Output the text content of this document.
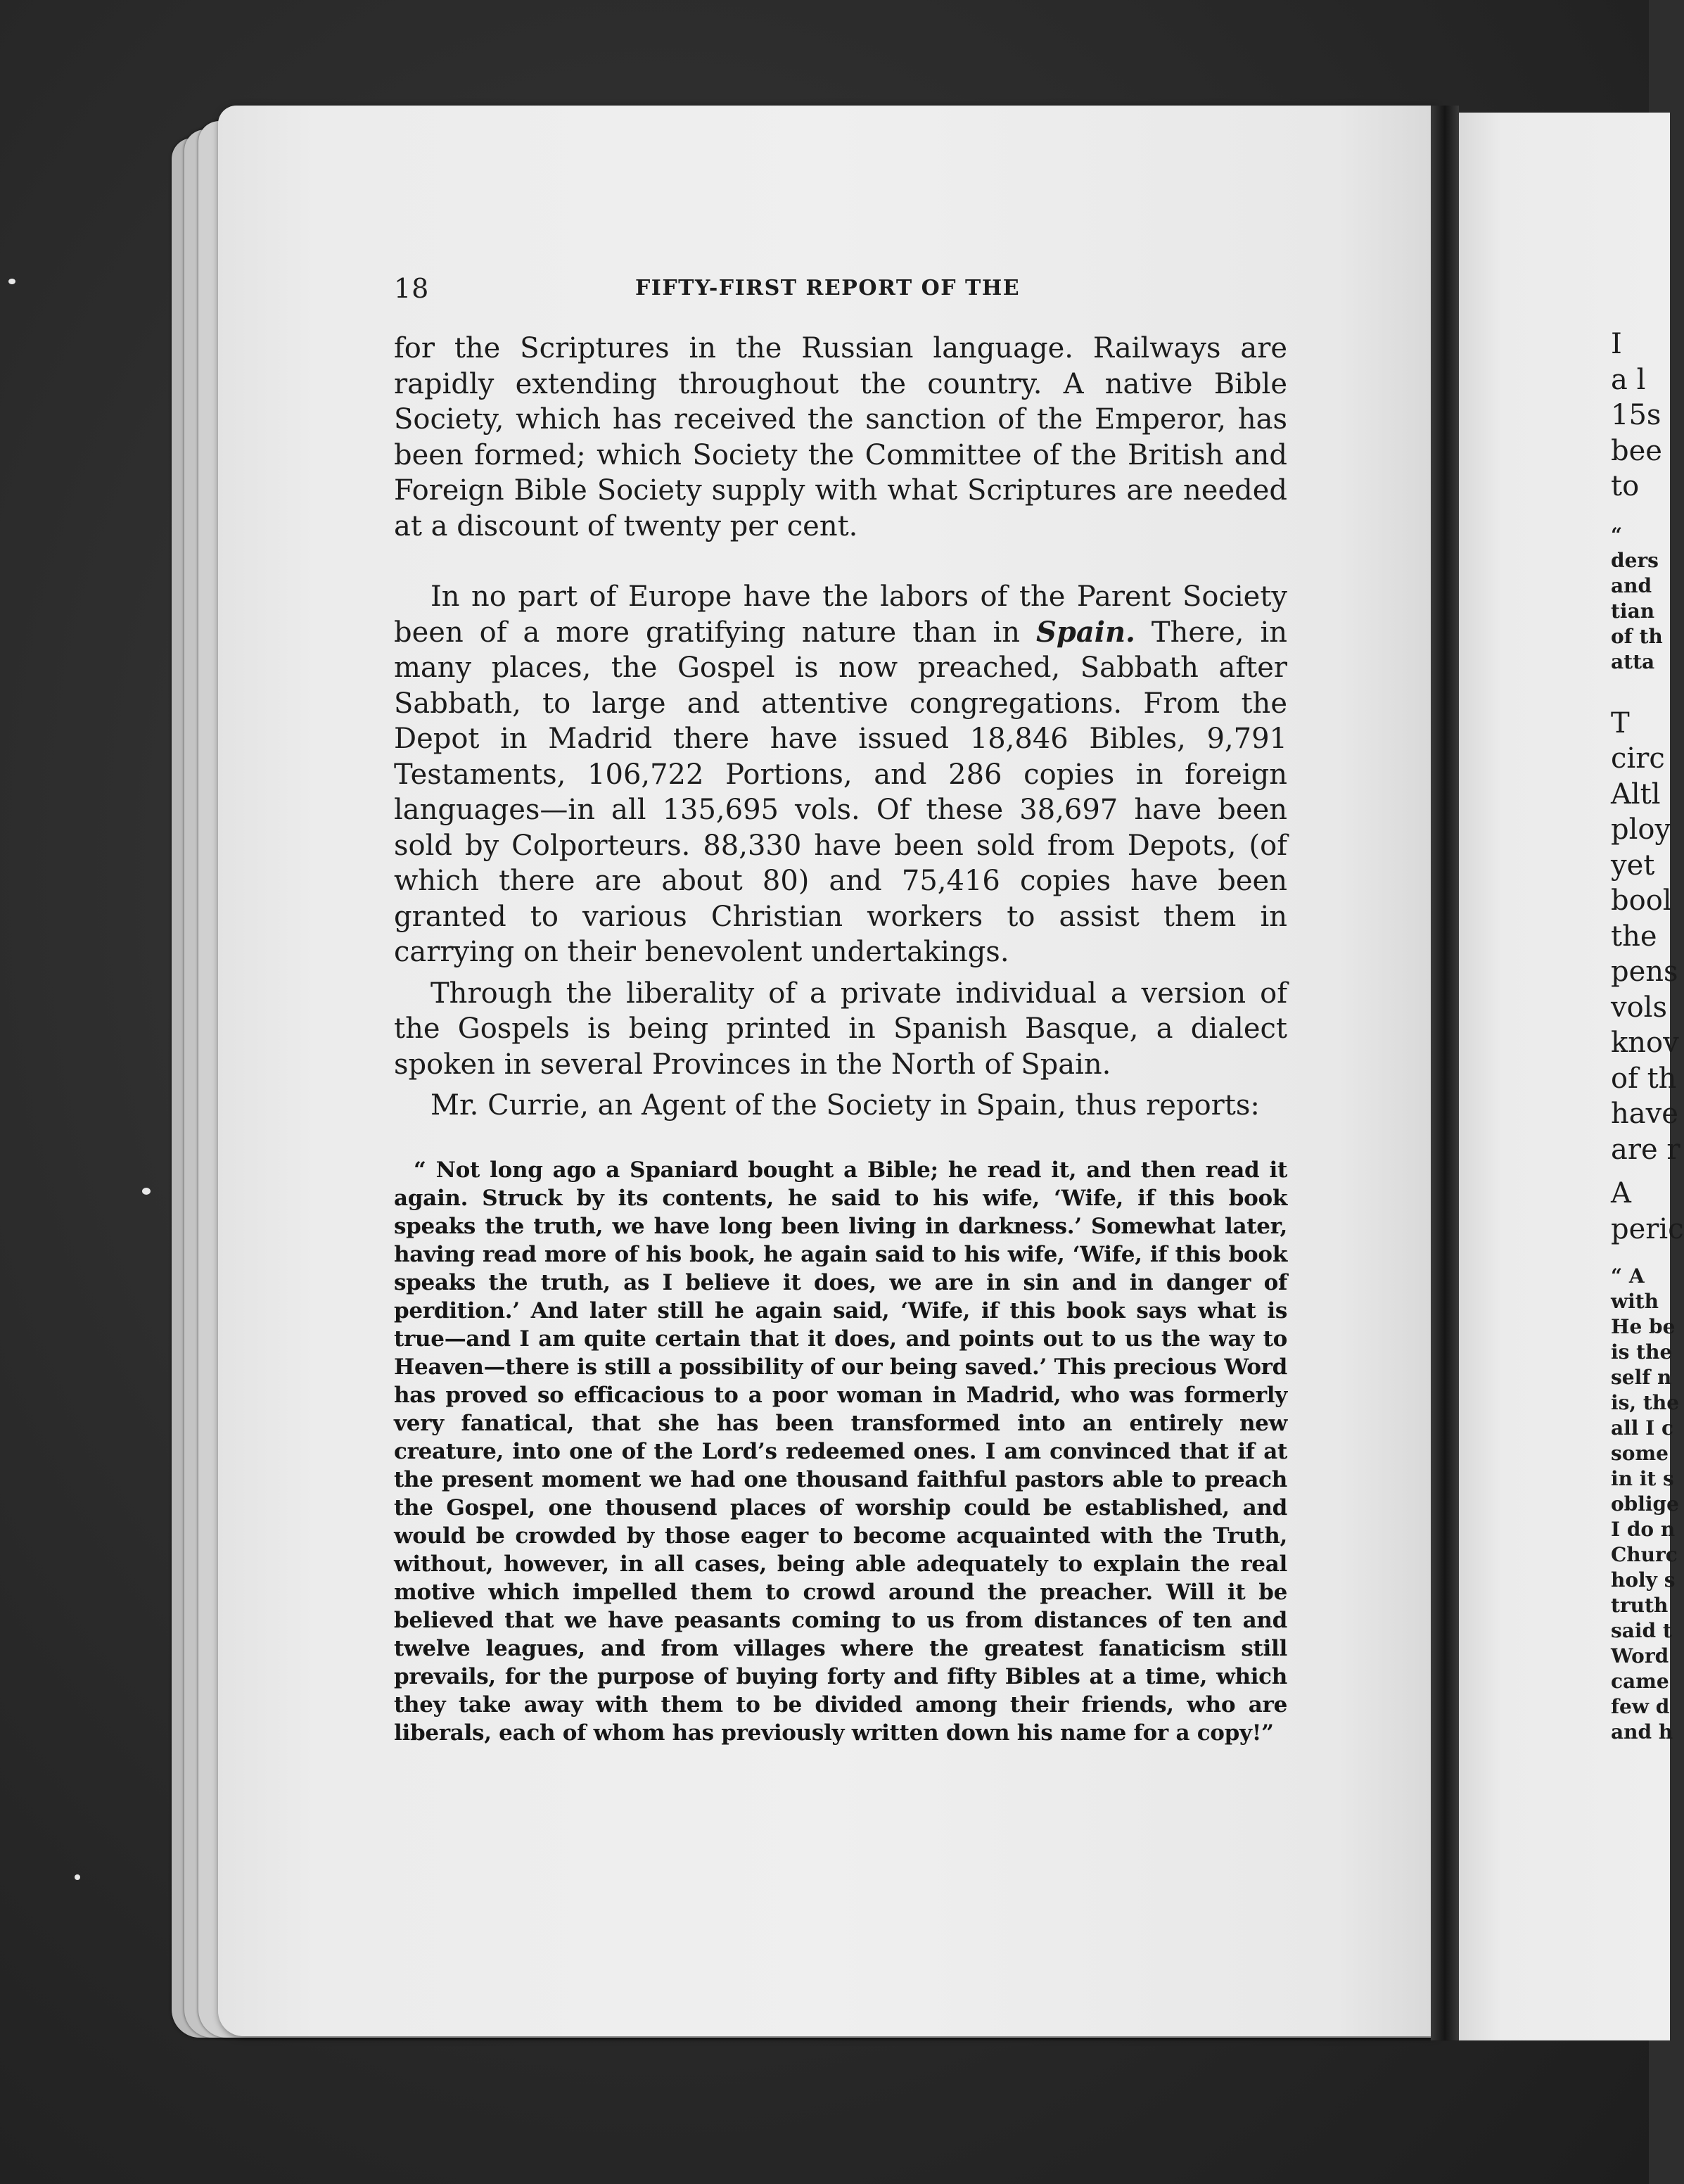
18	FIFTY-FIRST REPORT OF THE

for the Scriptures in the Russian language. Railways are rapidly extending throughout the country. A native Bible Society, which has received the sanction of the Emperor, has been formed; which Society the Committee of the British and Foreign Bible Society supply with what Scriptures are needed at a discount of twenty per cent.

In no part of Europe have the labors of the Parent Society been of a more gratifying nature than in Spain. There, in many places, the Gospel is now preached, Sabbath after Sabbath, to large and attentive congregations. From the Depot in Madrid there have issued 18,846 Bibles, 9,791 Testaments, 106,722 Portions, and 286 copies in foreign languages—in all 135,695 vols. Of these 38,697 have been sold by Colporteurs. 88,330 have been sold from Depots, (of which there are about 80) and 75,416 copies have been granted to various Christian workers to assist them in carrying on their benevolent undertakings.

Through the liberality of a private individual a version of the Gospels is being printed in Spanish Basque, a dialect spoken in several Provinces in the North of Spain.

Mr. Currie, an Agent of the Society in Spain, thus reports:

“ Not long ago a Spaniard bought a Bible; he read it, and then read it again. Struck by its contents, he said to his wife, ‘Wife, if this book speaks the truth, we have long been living in darkness.’ Somewhat later, having read more of his book, he again said to his wife, ‘Wife, if this book speaks the truth, as I believe it does, we are in sin and in danger of perdition.’ And later still he again said, ‘Wife, if this book says what is true—and I am quite certain that it does, and points out to us the way to Heaven—there is still a possibility of our being saved.’ This precious Word has proved so efficacious to a poor woman in Madrid, who was formerly very fanatical, that she has been transformed into an entirely new creature, into one of the Lord’s redeemed ones. I am convinced that if at the present moment we had one thousand faithful pastors able to preach the Gospel, one thousend places of worship could be established, and would be crowded by those eager to become acquainted with the Truth, without, however, in all cases, being able adequately to explain the real motive which impelled them to crowd around the preacher. Will it be believed that we have peasants coming to us from distances of ten and twelve leagues, and from villages where the greatest fanaticism still prevails, for the purpose of buying forty and fifty Bibles at a time, which they take away with them to be divided among their friends, who are liberals, each of whom has previously written down his name for a copy!”

I
a l
15s
bee
to
“
ders
and
tian
of th
atta
T
circ
Altl
ploy
yet
bool
the
pens
vols
knov
of th
have
are r
A
peric
“ A
with
He be
is the
self n
is, the
all I c
some
in it s
oblige
I do n
Churc
holy s
truth
said t
Word
came
few d
and h
